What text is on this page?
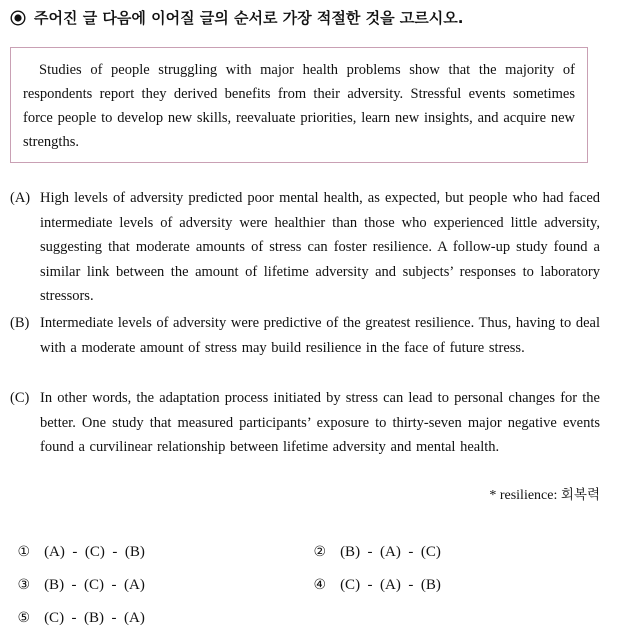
주어진 글 다음에 이어질 글의 순서로 가장 적절한 것을 고르시오.

Studies of people struggling with major health problems show that the majority of respondents report they derived benefits from their adversity. Stressful events sometimes force people to develop new skills, reevaluate priorities, learn new insights, and acquire new strengths.

(A) High levels of adversity predicted poor mental health, as expected, but people who had faced intermediate levels of adversity were healthier than those who experienced little adversity, suggesting that moderate amounts of stress can foster resilience. A follow-up study found a similar link between the amount of lifetime adversity and subjects’ responses to laboratory stressors.
(B) Intermediate levels of adversity were predictive of the greatest resilience. Thus, having to deal with a moderate amount of stress may build resilience in the face of future stress.
(C) In other words, the adaptation process initiated by stress can lead to personal changes for the better. One study that measured participants’ exposure to thirty-seven major negative events found a curvilinear relationship between lifetime adversity and mental health.
* resilience: 회복력

① (A)  -  (C)  -  (B)	② (B)  -  (A)  -  (C)

③ (B)  -  (C)  -  (A)	④ (C)  -  (A)  -  (B)

⑤ (C)  -  (B)  -  (A)
